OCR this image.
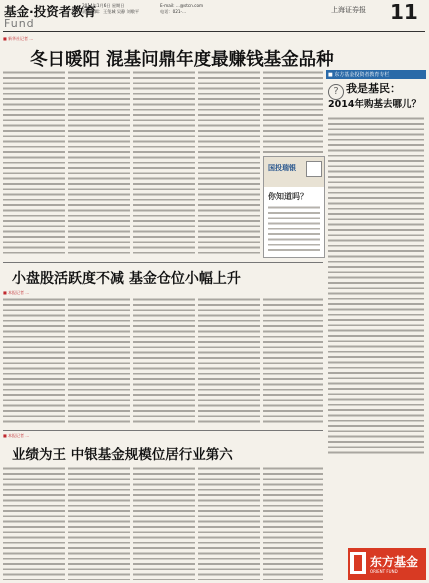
基金·投资者教育
Fund
2014年1月6日 星期日
责任编辑：王玺城 吴静 刘敬平
E-mail: ...@stcn.com
电话：021-...	上海证券报 11
■ 新华社记者 ...
冬日暖阳 混基问鼎年度最赚钱基金品种
国投瑞银
你知道吗？
■ 东方基金投资者教育专栏
? 我是基民：
2014年购基去哪儿？
小盘股活跃度不减 基金仓位小幅上升
■ 本报记者 ...
■ 本报记者 ...
业绩为王 中银基金规模位居行业第六
东方基金
ORIENT FUND
